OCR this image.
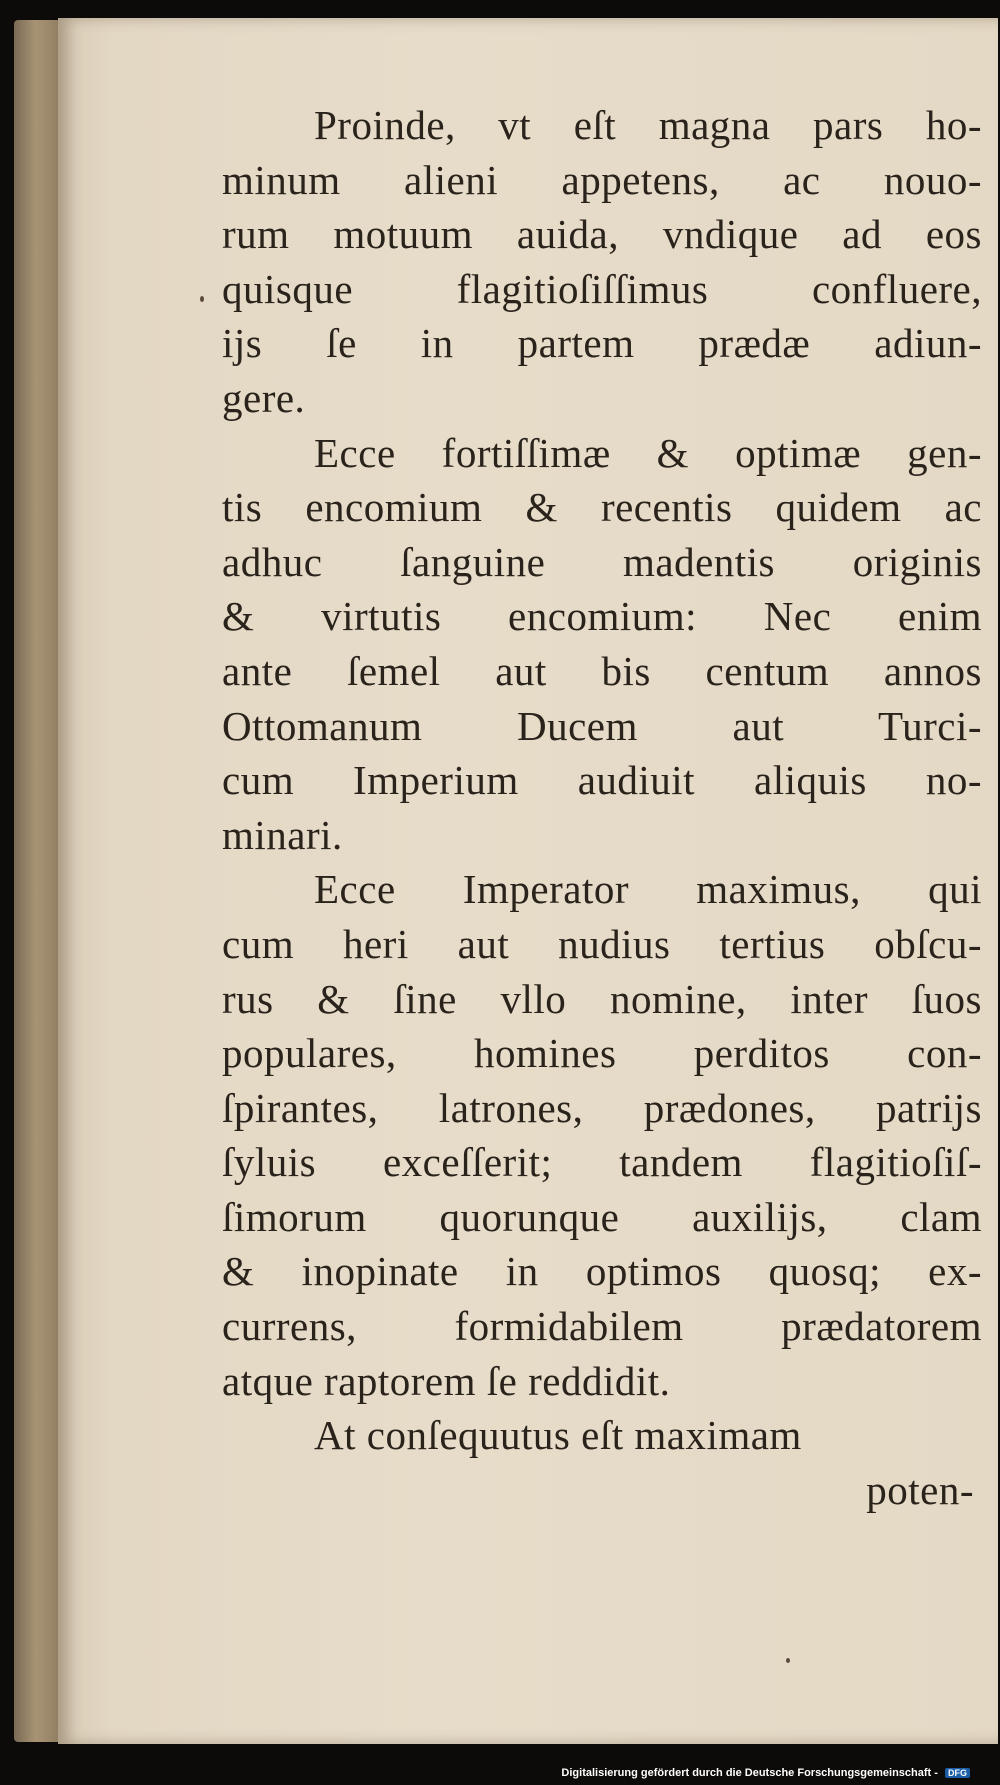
Proinde, vt eſt magna pars ho-
minum alieni appetens, ac nouo-
rum motuum auida, vndique ad eos
quisque flagitioſiſſimus confluere,
ijs ſe in partem prædæ adiun-
gere.
Ecce fortiſſimæ & optimæ gen-
tis encomium & recentis quidem ac
adhuc ſanguine madentis originis
& virtutis encomium: Nec enim
ante ſemel aut bis centum annos
Ottomanum Ducem aut Turci-
cum Imperium audiuit aliquis no-
minari.
Ecce Imperator maximus, qui
cum heri aut nudius tertius obſcu-
rus & ſine vllo nomine, inter ſuos
populares, homines perditos con-
ſpirantes, latrones, prædones, patrijs
ſyluis exceſſerit; tandem flagitioſiſ-
ſimorum quorunque auxilijs, clam
& inopinate in optimos quosq; ex-
currens, formidabilem prædatorem
atque raptorem ſe reddidit.
At conſequutus eſt maximam
poten-
Digitalisierung gefördert durch die Deutsche Forschungsgemeinschaft - DFG
